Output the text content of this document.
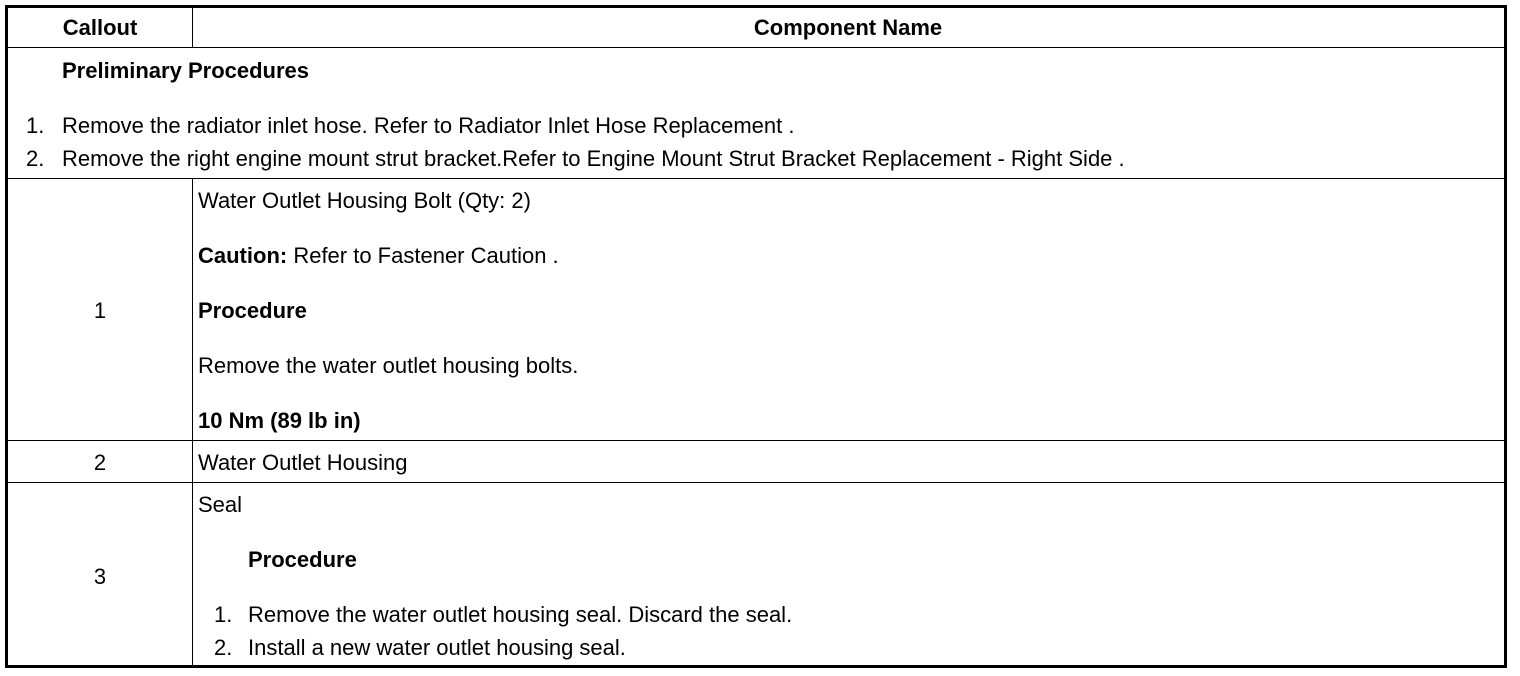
Callout	Component Name
Preliminary Procedures
1. Remove the radiator inlet hose. Refer to Radiator Inlet Hose Replacement .
2. Remove the right engine mount strut bracket.Refer to Engine Mount Strut Bracket Replacement - Right Side .
1
Water Outlet Housing Bolt (Qty: 2)
Caution: Refer to Fastener Caution .
Procedure
Remove the water outlet housing bolts.
10 Nm (89 lb in)
2	Water Outlet Housing
3
Seal
Procedure
1. Remove the water outlet housing seal. Discard the seal.
2. Install a new water outlet housing seal.
